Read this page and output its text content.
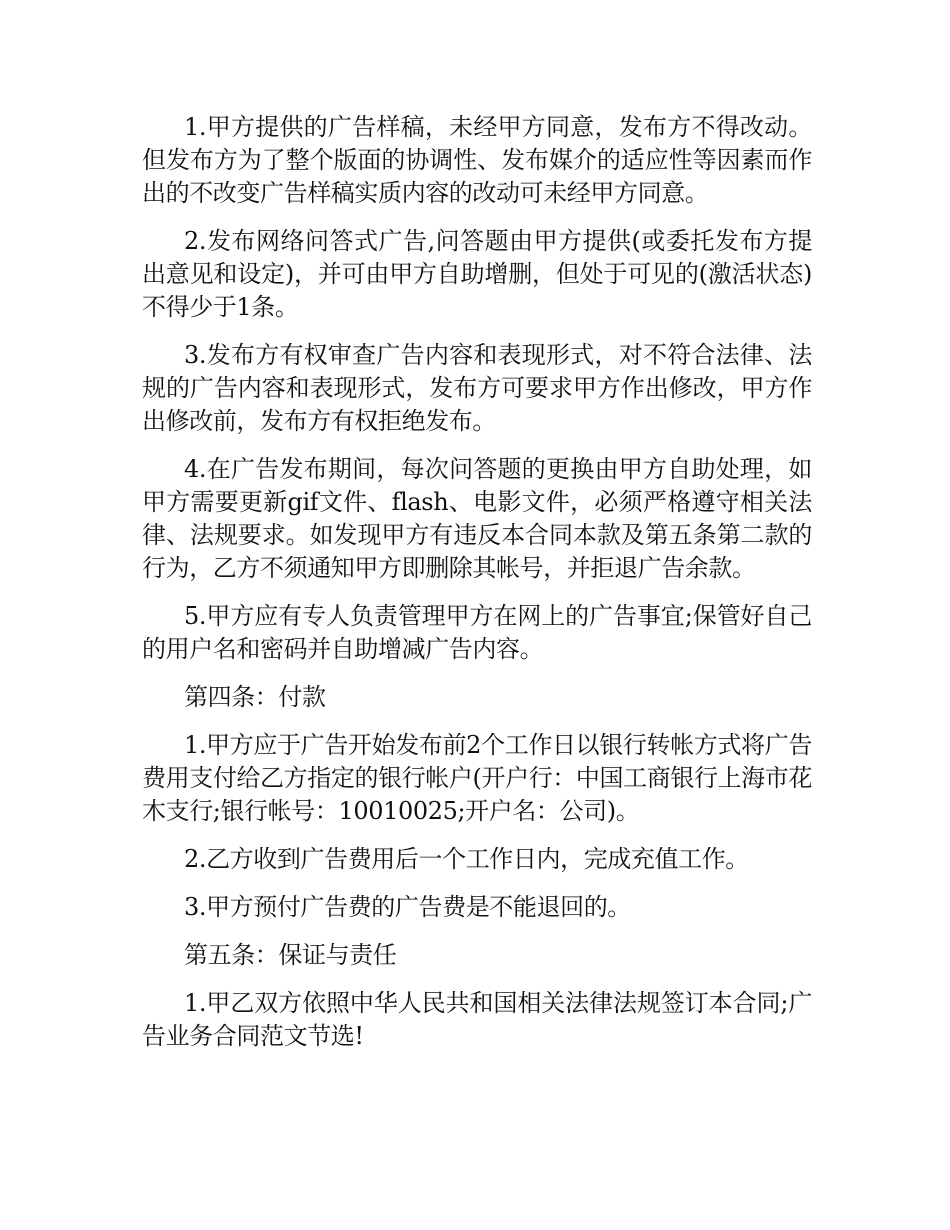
1.甲方提供的广告样稿，未经甲方同意，发布方不得改动。但发布方为了整个版面的协调性、发布媒介的适应性等因素而作出的不改变广告样稿实质内容的改动可未经甲方同意。

2.发布网络问答式广告,问答题由甲方提供(或委托发布方提出意见和设定)，并可由甲方自助增删，但处于可见的(激活状态)不得少于1条。

3.发布方有权审查广告内容和表现形式，对不符合法律、法规的广告内容和表现形式，发布方可要求甲方作出修改，甲方作出修改前，发布方有权拒绝发布。

4.在广告发布期间，每次问答题的更换由甲方自助处理，如甲方需要更新gif文件、flash、电影文件，必须严格遵守相关法律、法规要求。如发现甲方有违反本合同本款及第五条第二款的行为，乙方不须通知甲方即删除其帐号，并拒退广告余款。

5.甲方应有专人负责管理甲方在网上的广告事宜;保管好自己的用户名和密码并自助增减广告内容。

第四条：付款

1.甲方应于广告开始发布前2个工作日以银行转帐方式将广告费用支付给乙方指定的银行帐户(开户行：中国工商银行上海市花木支行;银行帐号：10010025;开户名：公司)。

2.乙方收到广告费用后一个工作日内，完成充值工作。

3.甲方预付广告费的广告费是不能退回的。

第五条：保证与责任

1.甲乙双方依照中华人民共和国相关法律法规签订本合同;广告业务合同范文节选!
